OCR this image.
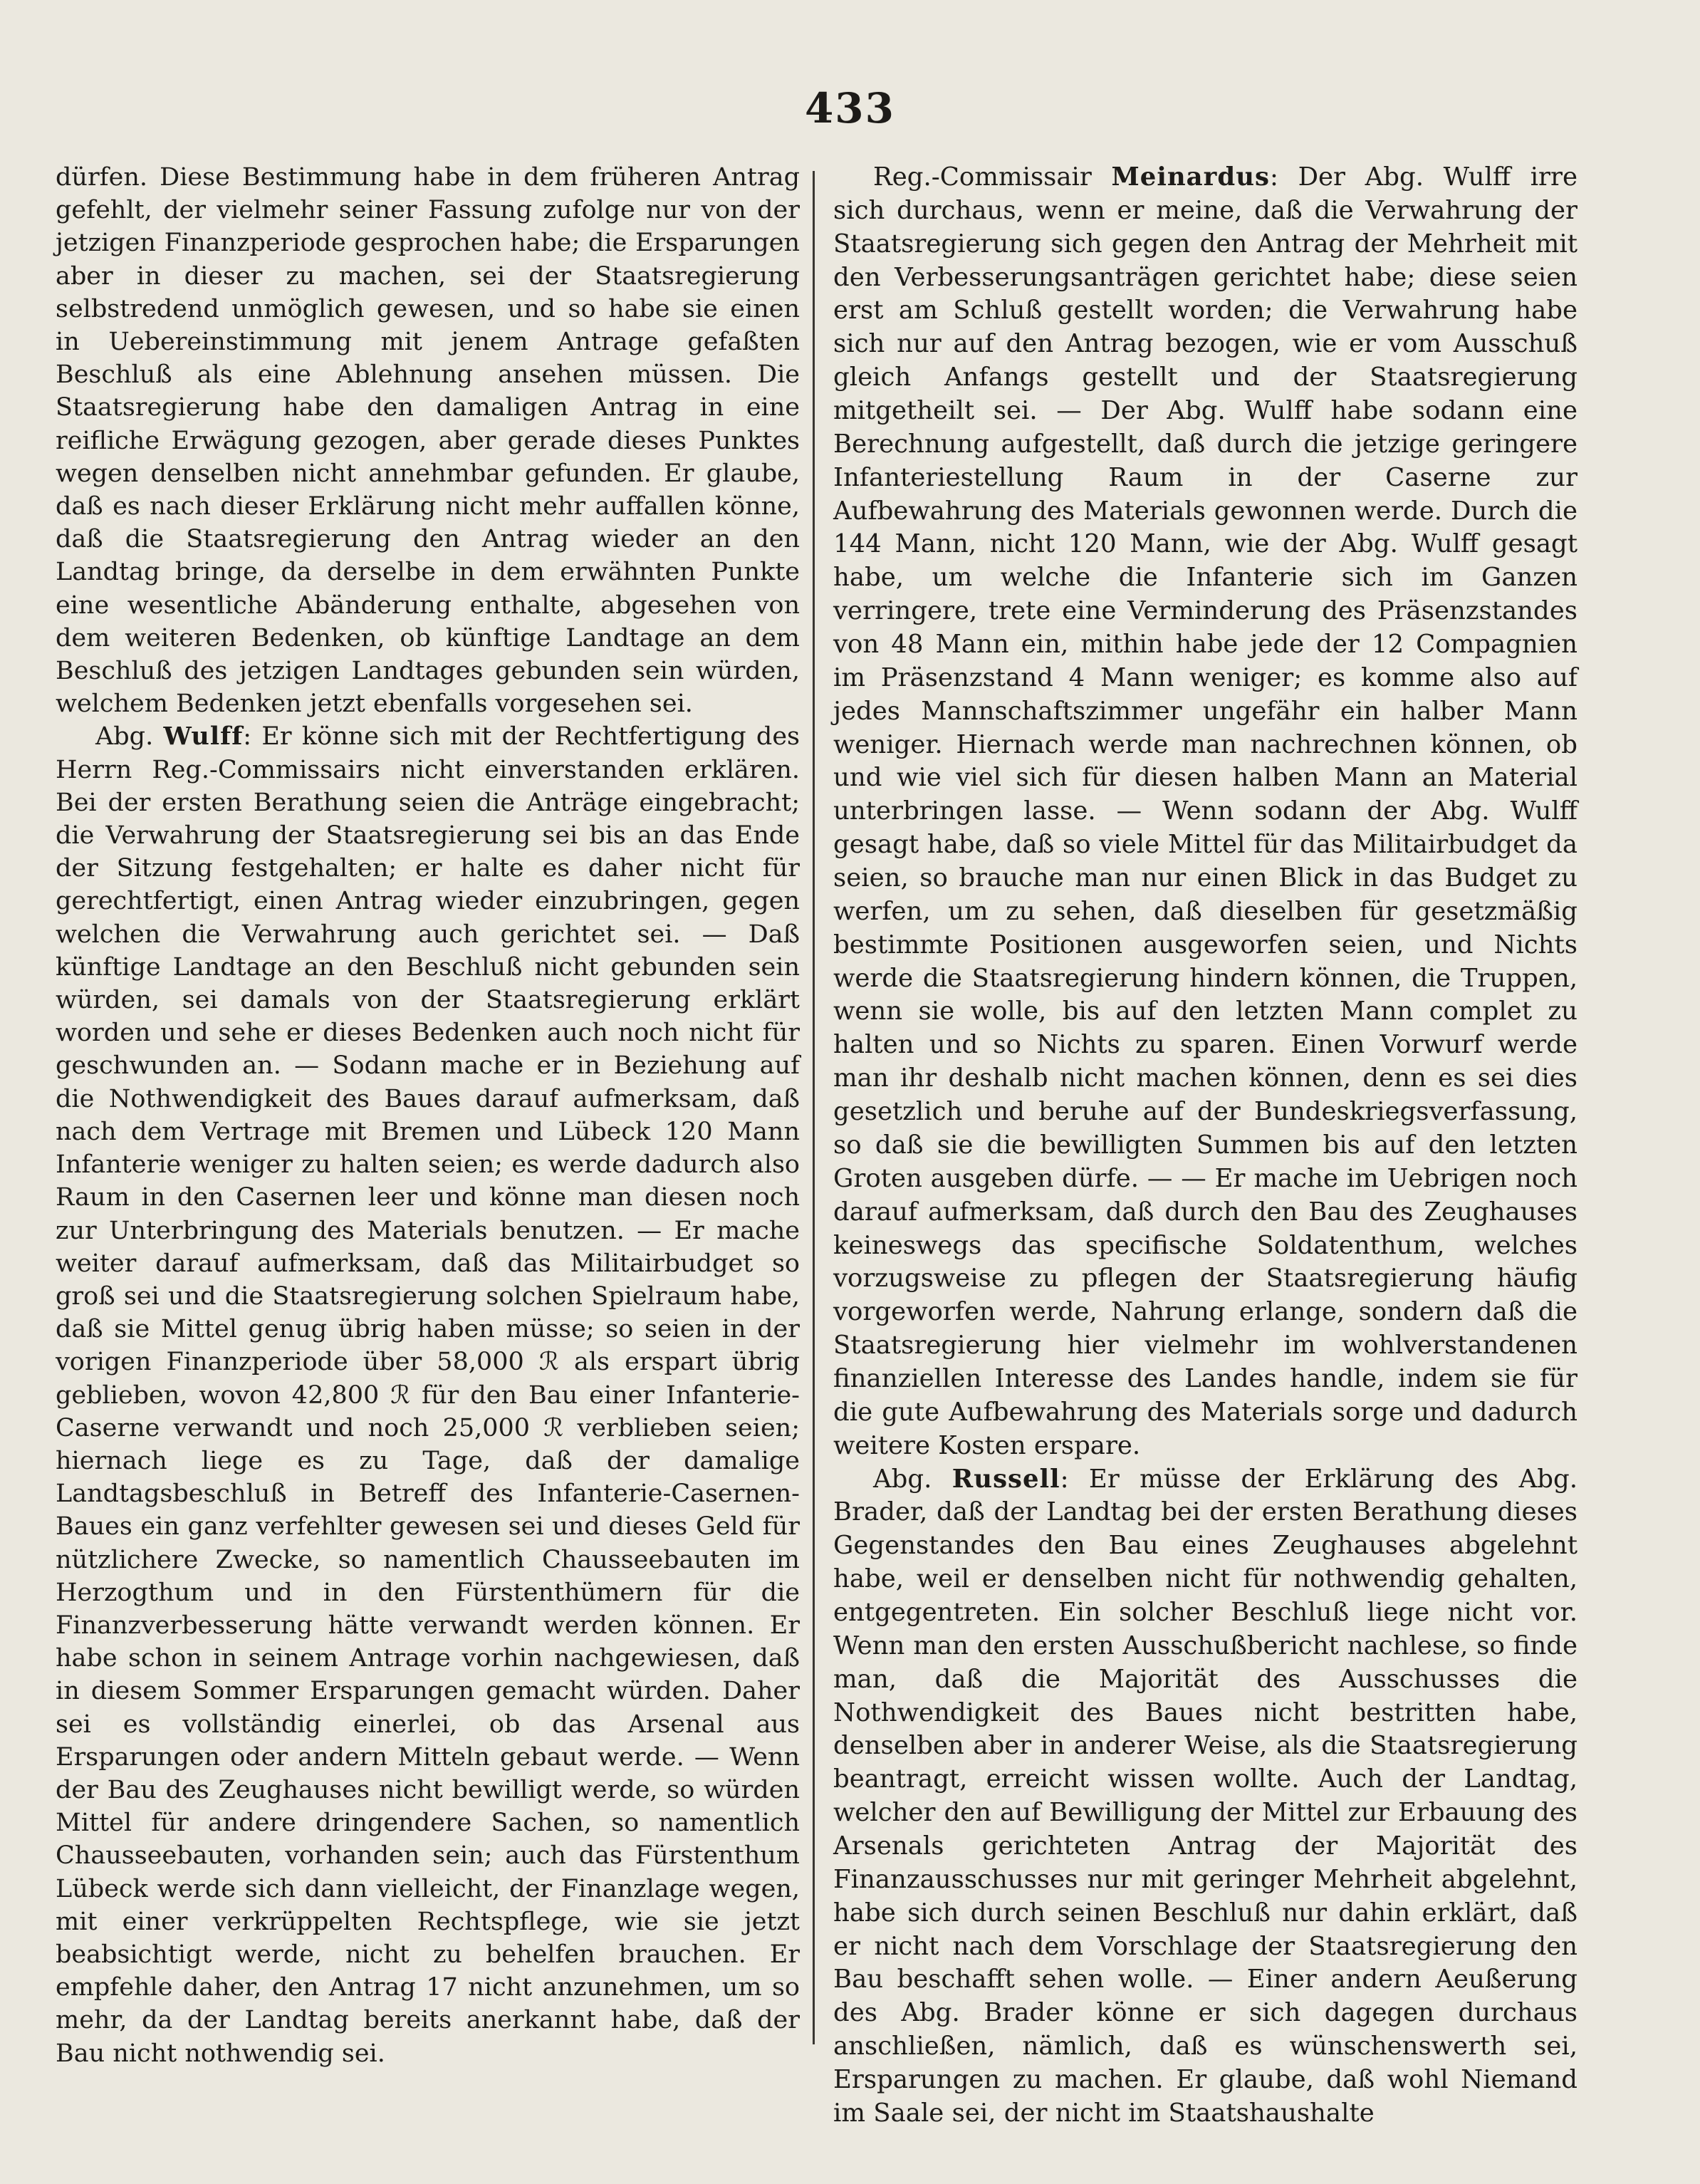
433

dürfen. Diese Bestimmung habe in dem früheren Antrag gefehlt, der vielmehr seiner Fassung zufolge nur von der jetzigen Finanzperiode gesprochen habe; die Ersparungen aber in dieser zu machen, sei der Staatsregierung selbstredend unmöglich gewesen, und so habe sie einen in Uebereinstimmung mit jenem Antrage gefaßten Beschluß als eine Ablehnung ansehen müssen. Die Staatsregierung habe den damaligen Antrag in eine reifliche Erwägung gezogen, aber gerade dieses Punktes wegen denselben nicht annehmbar gefunden. Er glaube, daß es nach dieser Erklärung nicht mehr auffallen könne, daß die Staatsregierung den Antrag wieder an den Landtag bringe, da derselbe in dem erwähnten Punkte eine wesentliche Abänderung enthalte, abgesehen von dem weiteren Bedenken, ob künftige Landtage an dem Beschluß des jetzigen Landtages gebunden sein würden, welchem Bedenken jetzt ebenfalls vorgesehen sei.

Abg. Wulff: Er könne sich mit der Rechtfertigung des Herrn Reg.-Commissairs nicht einverstanden erklären. Bei der ersten Berathung seien die Anträge eingebracht; die Verwahrung der Staatsregierung sei bis an das Ende der Sitzung festgehalten; er halte es daher nicht für gerechtfertigt, einen Antrag wieder einzubringen, gegen welchen die Verwahrung auch gerichtet sei. — Daß künftige Landtage an den Beschluß nicht gebunden sein würden, sei damals von der Staatsregierung erklärt worden und sehe er dieses Bedenken auch noch nicht für geschwunden an. — Sodann mache er in Beziehung auf die Nothwendigkeit des Baues darauf aufmerksam, daß nach dem Vertrage mit Bremen und Lübeck 120 Mann Infanterie weniger zu halten seien; es werde dadurch also Raum in den Casernen leer und könne man diesen noch zur Unterbringung des Materials benutzen. — Er mache weiter darauf aufmerksam, daß das Militairbudget so groß sei und die Staatsregierung solchen Spielraum habe, daß sie Mittel genug übrig haben müsse; so seien in der vorigen Finanzperiode über 58,000 ℛ als erspart übrig geblieben, wovon 42,800 ℛ für den Bau einer Infanterie-Caserne verwandt und noch 25,000 ℛ verblieben seien; hiernach liege es zu Tage, daß der damalige Landtagsbeschluß in Betreff des Infanterie-Casernen-Baues ein ganz verfehlter gewesen sei und dieses Geld für nützlichere Zwecke, so namentlich Chausseebauten im Herzogthum und in den Fürstenthümern für die Finanzverbesserung hätte verwandt werden können. Er habe schon in seinem Antrage vorhin nachgewiesen, daß in diesem Sommer Ersparungen gemacht würden. Daher sei es vollständig einerlei, ob das Arsenal aus Ersparungen oder andern Mitteln gebaut werde. — Wenn der Bau des Zeughauses nicht bewilligt werde, so würden Mittel für andere dringendere Sachen, so namentlich Chausseebauten, vorhanden sein; auch das Fürstenthum Lübeck werde sich dann vielleicht, der Finanzlage wegen, mit einer verkrüppelten Rechtspflege, wie sie jetzt beabsichtigt werde, nicht zu behelfen brauchen. Er empfehle daher, den Antrag 17 nicht anzunehmen, um so mehr, da der Landtag bereits anerkannt habe, daß der Bau nicht nothwendig sei.

Reg.-Commissair Meinardus: Der Abg. Wulff irre sich durchaus, wenn er meine, daß die Verwahrung der Staatsregierung sich gegen den Antrag der Mehrheit mit den Verbesserungsanträgen gerichtet habe; diese seien erst am Schluß gestellt worden; die Verwahrung habe sich nur auf den Antrag bezogen, wie er vom Ausschuß gleich Anfangs gestellt und der Staatsregierung mitgetheilt sei. — Der Abg. Wulff habe sodann eine Berechnung aufgestellt, daß durch die jetzige geringere Infanteriestellung Raum in der Caserne zur Aufbewahrung des Materials gewonnen werde. Durch die 144 Mann, nicht 120 Mann, wie der Abg. Wulff gesagt habe, um welche die Infanterie sich im Ganzen verringere, trete eine Verminderung des Präsenzstandes von 48 Mann ein, mithin habe jede der 12 Compagnien im Präsenzstand 4 Mann weniger; es komme also auf jedes Mannschaftszimmer ungefähr ein halber Mann weniger. Hiernach werde man nachrechnen können, ob und wie viel sich für diesen halben Mann an Material unterbringen lasse. — Wenn sodann der Abg. Wulff gesagt habe, daß so viele Mittel für das Militairbudget da seien, so brauche man nur einen Blick in das Budget zu werfen, um zu sehen, daß dieselben für gesetzmäßig bestimmte Positionen ausgeworfen seien, und Nichts werde die Staatsregierung hindern können, die Truppen, wenn sie wolle, bis auf den letzten Mann complet zu halten und so Nichts zu sparen. Einen Vorwurf werde man ihr deshalb nicht machen können, denn es sei dies gesetzlich und beruhe auf der Bundeskriegsverfassung, so daß sie die bewilligten Summen bis auf den letzten Groten ausgeben dürfe. — — Er mache im Uebrigen noch darauf aufmerksam, daß durch den Bau des Zeughauses keineswegs das specifische Soldatenthum, welches vorzugsweise zu pflegen der Staatsregierung häufig vorgeworfen werde, Nahrung erlange, sondern daß die Staatsregierung hier vielmehr im wohlverstandenen finanziellen Interesse des Landes handle, indem sie für die gute Aufbewahrung des Materials sorge und dadurch weitere Kosten erspare.

Abg. Russell: Er müsse der Erklärung des Abg. Brader, daß der Landtag bei der ersten Berathung dieses Gegenstandes den Bau eines Zeughauses abgelehnt habe, weil er denselben nicht für nothwendig gehalten, entgegentreten. Ein solcher Beschluß liege nicht vor. Wenn man den ersten Ausschußbericht nachlese, so finde man, daß die Majorität des Ausschusses die Nothwendigkeit des Baues nicht bestritten habe, denselben aber in anderer Weise, als die Staatsregierung beantragt, erreicht wissen wollte. Auch der Landtag, welcher den auf Bewilligung der Mittel zur Erbauung des Arsenals gerichteten Antrag der Majorität des Finanzausschusses nur mit geringer Mehrheit abgelehnt, habe sich durch seinen Beschluß nur dahin erklärt, daß er nicht nach dem Vorschlage der Staatsregierung den Bau beschafft sehen wolle. — Einer andern Aeußerung des Abg. Brader könne er sich dagegen durchaus anschließen, nämlich, daß es wünschenswerth sei, Ersparungen zu machen. Er glaube, daß wohl Niemand im Saale sei, der nicht im Staatshaushalte
